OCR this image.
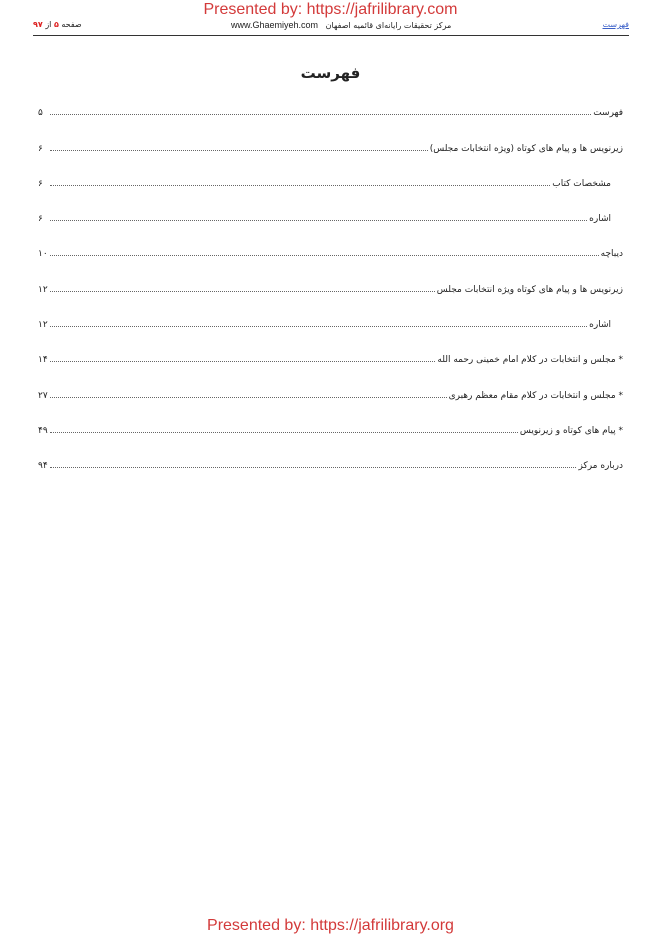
Presented by: https://jafrilibrary.com
صفحه ۵ از ۹۷	www.Ghaemiyeh.com مرکز تحقیقات رایانه‌ای قائمیه اصفهان	فهرست
فهرست
فهرست
۵
زیرنویس ها و پیام های کوتاه (ویژه انتخابات مجلس)
۶
مشخصات کتاب
۶
اشاره
۶
دیباچه
۱۰
زیرنویس ها و پیام های کوتاه ویژه انتخابات مجلس
۱۲
اشاره
۱۲
* مجلس و انتخابات در کلام امام خمینی رحمه الله
۱۴
* مجلس و انتخابات در کلام مقام معظم رهبری
۲۷
* پیام های کوتاه و زیرنویس
۴۹
درباره مرکز
۹۴
Presented by: https://jafrilibrary.org
